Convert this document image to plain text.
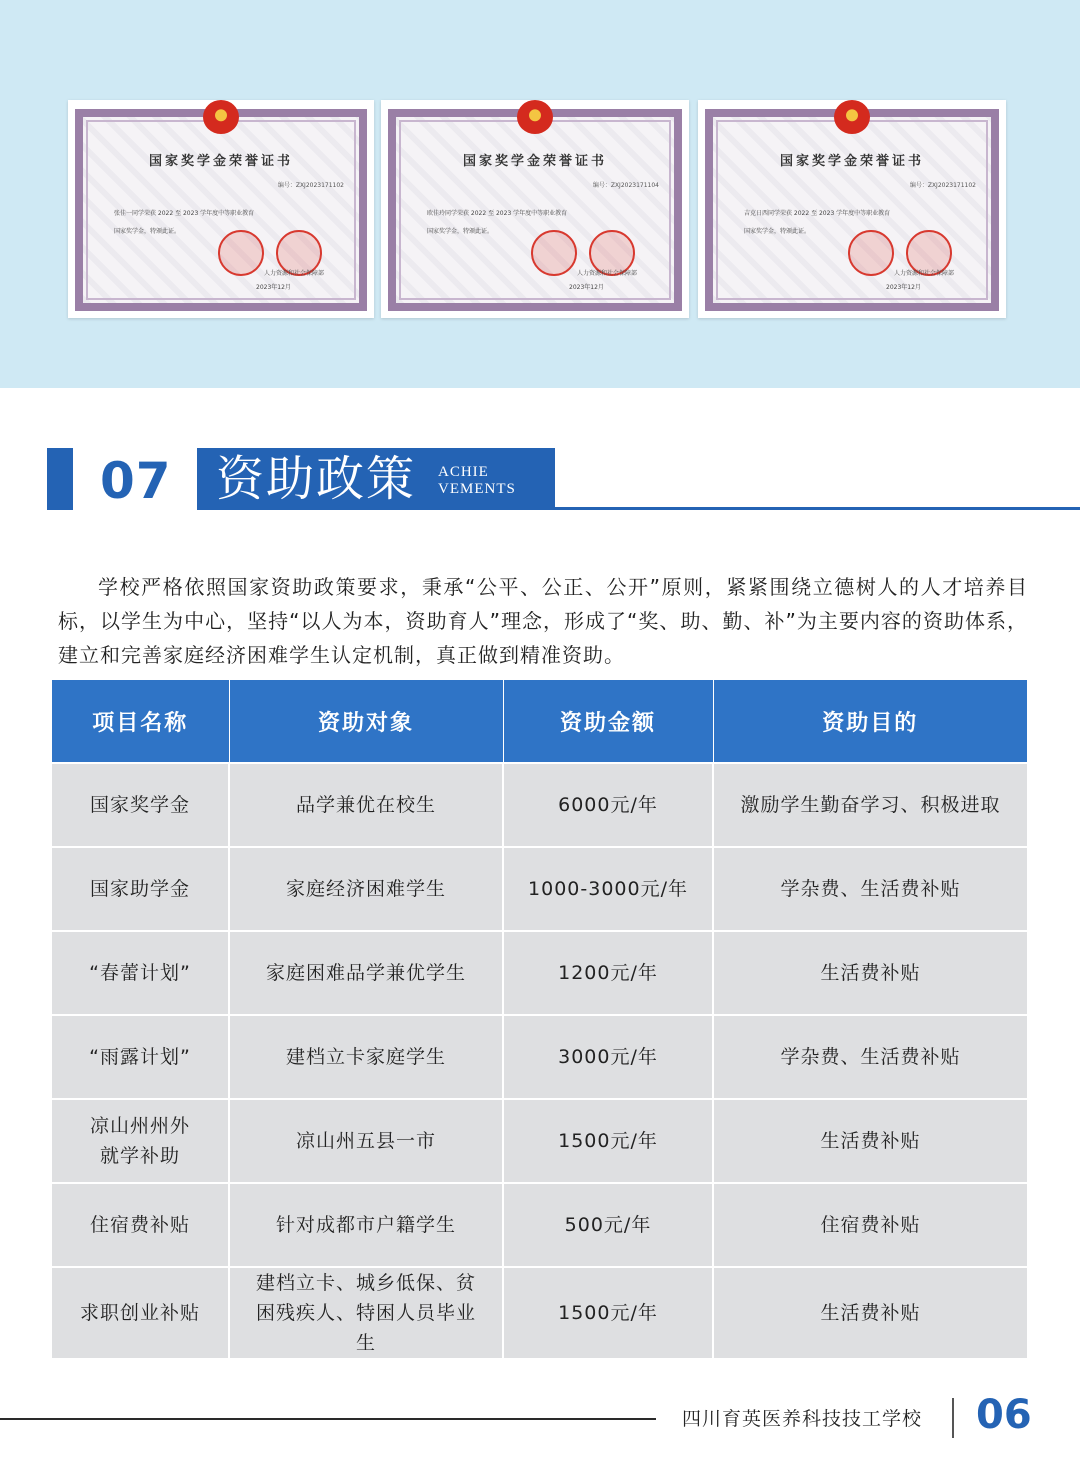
国家奖学金荣誉证书
编号：ZXJ2023171102
张佳一同学荣获 2022 至 2023 学年度中等职业教育
国家奖学金，特颁此证。
人力资源和社会保障部
2023年12月
国家奖学金荣誉证书
编号：ZXJ2023171104
欧佳玲同学荣获 2022 至 2023 学年度中等职业教育
国家奖学金，特颁此证。
人力资源和社会保障部
2023年12月
国家奖学金荣誉证书
编号：ZXJ2023171102
吉克日西同学荣获 2022 至 2023 学年度中等职业教育
国家奖学金，特颁此证。
人力资源和社会保障部
2023年12月
07 资助政策 ACHIE
VEMENTS

学校严格依照国家资助政策要求，秉承“公平、公正、公开”原则，紧紧围绕立德树人的人才培养目标，以学生为中心，坚持“以人为本，资助育人”理念，形成了“奖、助、勤、补”为主要内容的资助体系，建立和完善家庭经济困难学生认定机制，真正做到精准资助。

项目名称	资助对象	资助金额	资助目的
国家奖学金	品学兼优在校生	6000元/年	激励学生勤奋学习、积极进取
国家助学金	家庭经济困难学生	1000-3000元/年	学杂费、生活费补贴
“春蕾计划”	家庭困难品学兼优学生	1200元/年	生活费补贴
“雨露计划”	建档立卡家庭学生	3000元/年	学杂费、生活费补贴
凉山州州外就学补助	凉山州五县一市	1500元/年	生活费补贴
住宿费补贴	针对成都市户籍学生	500元/年	住宿费补贴
求职创业补贴	建档立卡、城乡低保、贫困残疾人、特困人员毕业生	1500元/年	生活费补贴
四川育英医养科技技工学校 06
